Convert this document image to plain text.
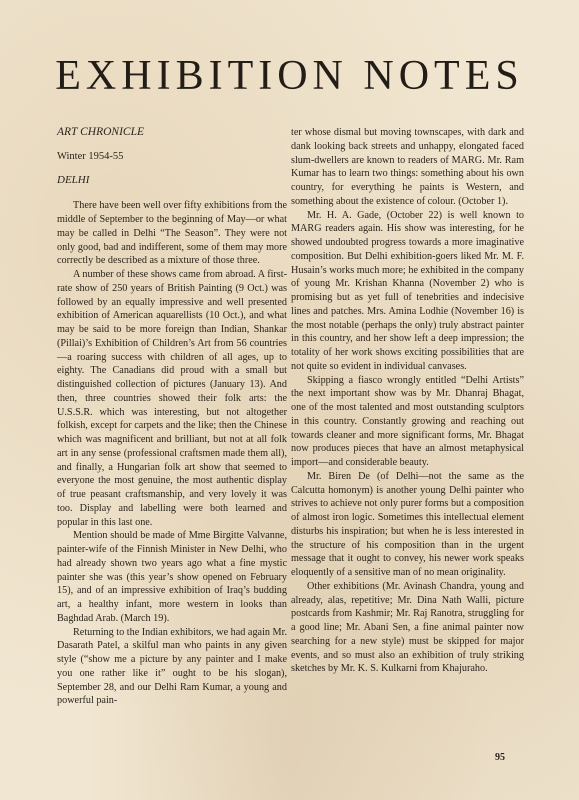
EXHIBITION NOTES
ART CHRONICLE
Winter 1954-55
DELHI

There have been well over fifty exhibitions from the middle of September to the beginning of May—or what may be called in Delhi “The Season”. They were not only good, bad and indifferent, some of them may more correctly be described as a mixture of those three.

A number of these shows came from abroad. A first-rate show of 250 years of British Painting (9 Oct.) was followed by an equally impressive and well presented exhibition of American aquarellists (10 Oct.), and what may be said to be more foreign than Indian, Shankar (Pillai)’s Exhibition of Children’s Art from 56 countries—a roaring success with children of all ages, up to eighty. The Canadians did proud with a small but distinguished collection of pictures (January 13). And then, three countries showed their folk arts: the U.S.S.R. which was interesting, but not altogether folkish, except for carpets and the like; then the Chinese which was magnificent and brilliant, but not at all folk art in any sense (professional craftsmen made them all), and finally, a Hungarian folk art show that seemed to everyone the most genuine, the most authentic display of true peasant craftsmanship, and very lovely it was too. Display and labelling were both learned and popular in this last one.

Mention should be made of Mme Birgitte Valvanne, painter-wife of the Finnish Minister in New Delhi, who had already shown two years ago what a fine mystic painter she was (this year’s show opened on February 15), and of an impressive exhibition of Iraq’s budding art, a healthy infant, more western in looks than Baghdad Arab. (March 19).

Returning to the Indian exhibitors, we had again Mr. Dasarath Patel, a skilful man who paints in any given style (“show me a picture by any painter and I make you one rather like it” ought to be his slogan), September 28, and our Delhi Ram Kumar, a young and powerful pain-

ter whose dismal but moving townscapes, with dark and dank looking back streets and unhappy, elongated faced slum-dwellers are known to readers of MARG. Mr. Ram Kumar has to learn two things: something about his own country, for everything he paints is Western, and something about the existence of colour. (October 1).

Mr. H. A. Gade, (October 22) is well known to MARG readers again. His show was interesting, for he showed undoubted progress towards a more imaginative composition. But Delhi exhibition-goers liked Mr. M. F. Husain’s works much more; he exhibited in the company of young Mr. Krishan Khanna (November 2) who is promising but as yet full of tenebrities and indecisive lines and patches. Mrs. Amina Lodhie (November 16) is the most notable (perhaps the only) truly abstract painter in this country, and her show left a deep impression; the totality of her work shows exciting possibilities that are not quite so evident in individual canvases.

Skipping a fiasco wrongly entitled “Delhi Artists” the next important show was by Mr. Dhanraj Bhagat, one of the most talented and most outstanding sculptors in this country. Constantly growing and reaching out towards cleaner and more significant forms, Mr. Bhagat now produces pieces that have an almost metaphysical import—and considerable beauty.

Mr. Biren De (of Delhi—not the same as the Calcutta homonym) is another young Delhi painter who strives to achieve not only purer forms but a composition of almost iron logic. Sometimes this intellectual element disturbs his inspiration; but when he is less interested in the structure of his composition than in the urgent message that it ought to convey, his newer work speaks eloquently of a sensitive man of no mean originality.

Other exhibitions (Mr. Avinash Chandra, young and already, alas, repetitive; Mr. Dina Nath Walli, picture postcards from Kashmir; Mr. Raj Ranotra, struggling for a good line; Mr. Abani Sen, a fine animal painter now searching for a new style) must be skipped for major events, and so must also an exhibition of truly striking sketches by Mr. K. S. Kulkarni from Khajuraho.

95
